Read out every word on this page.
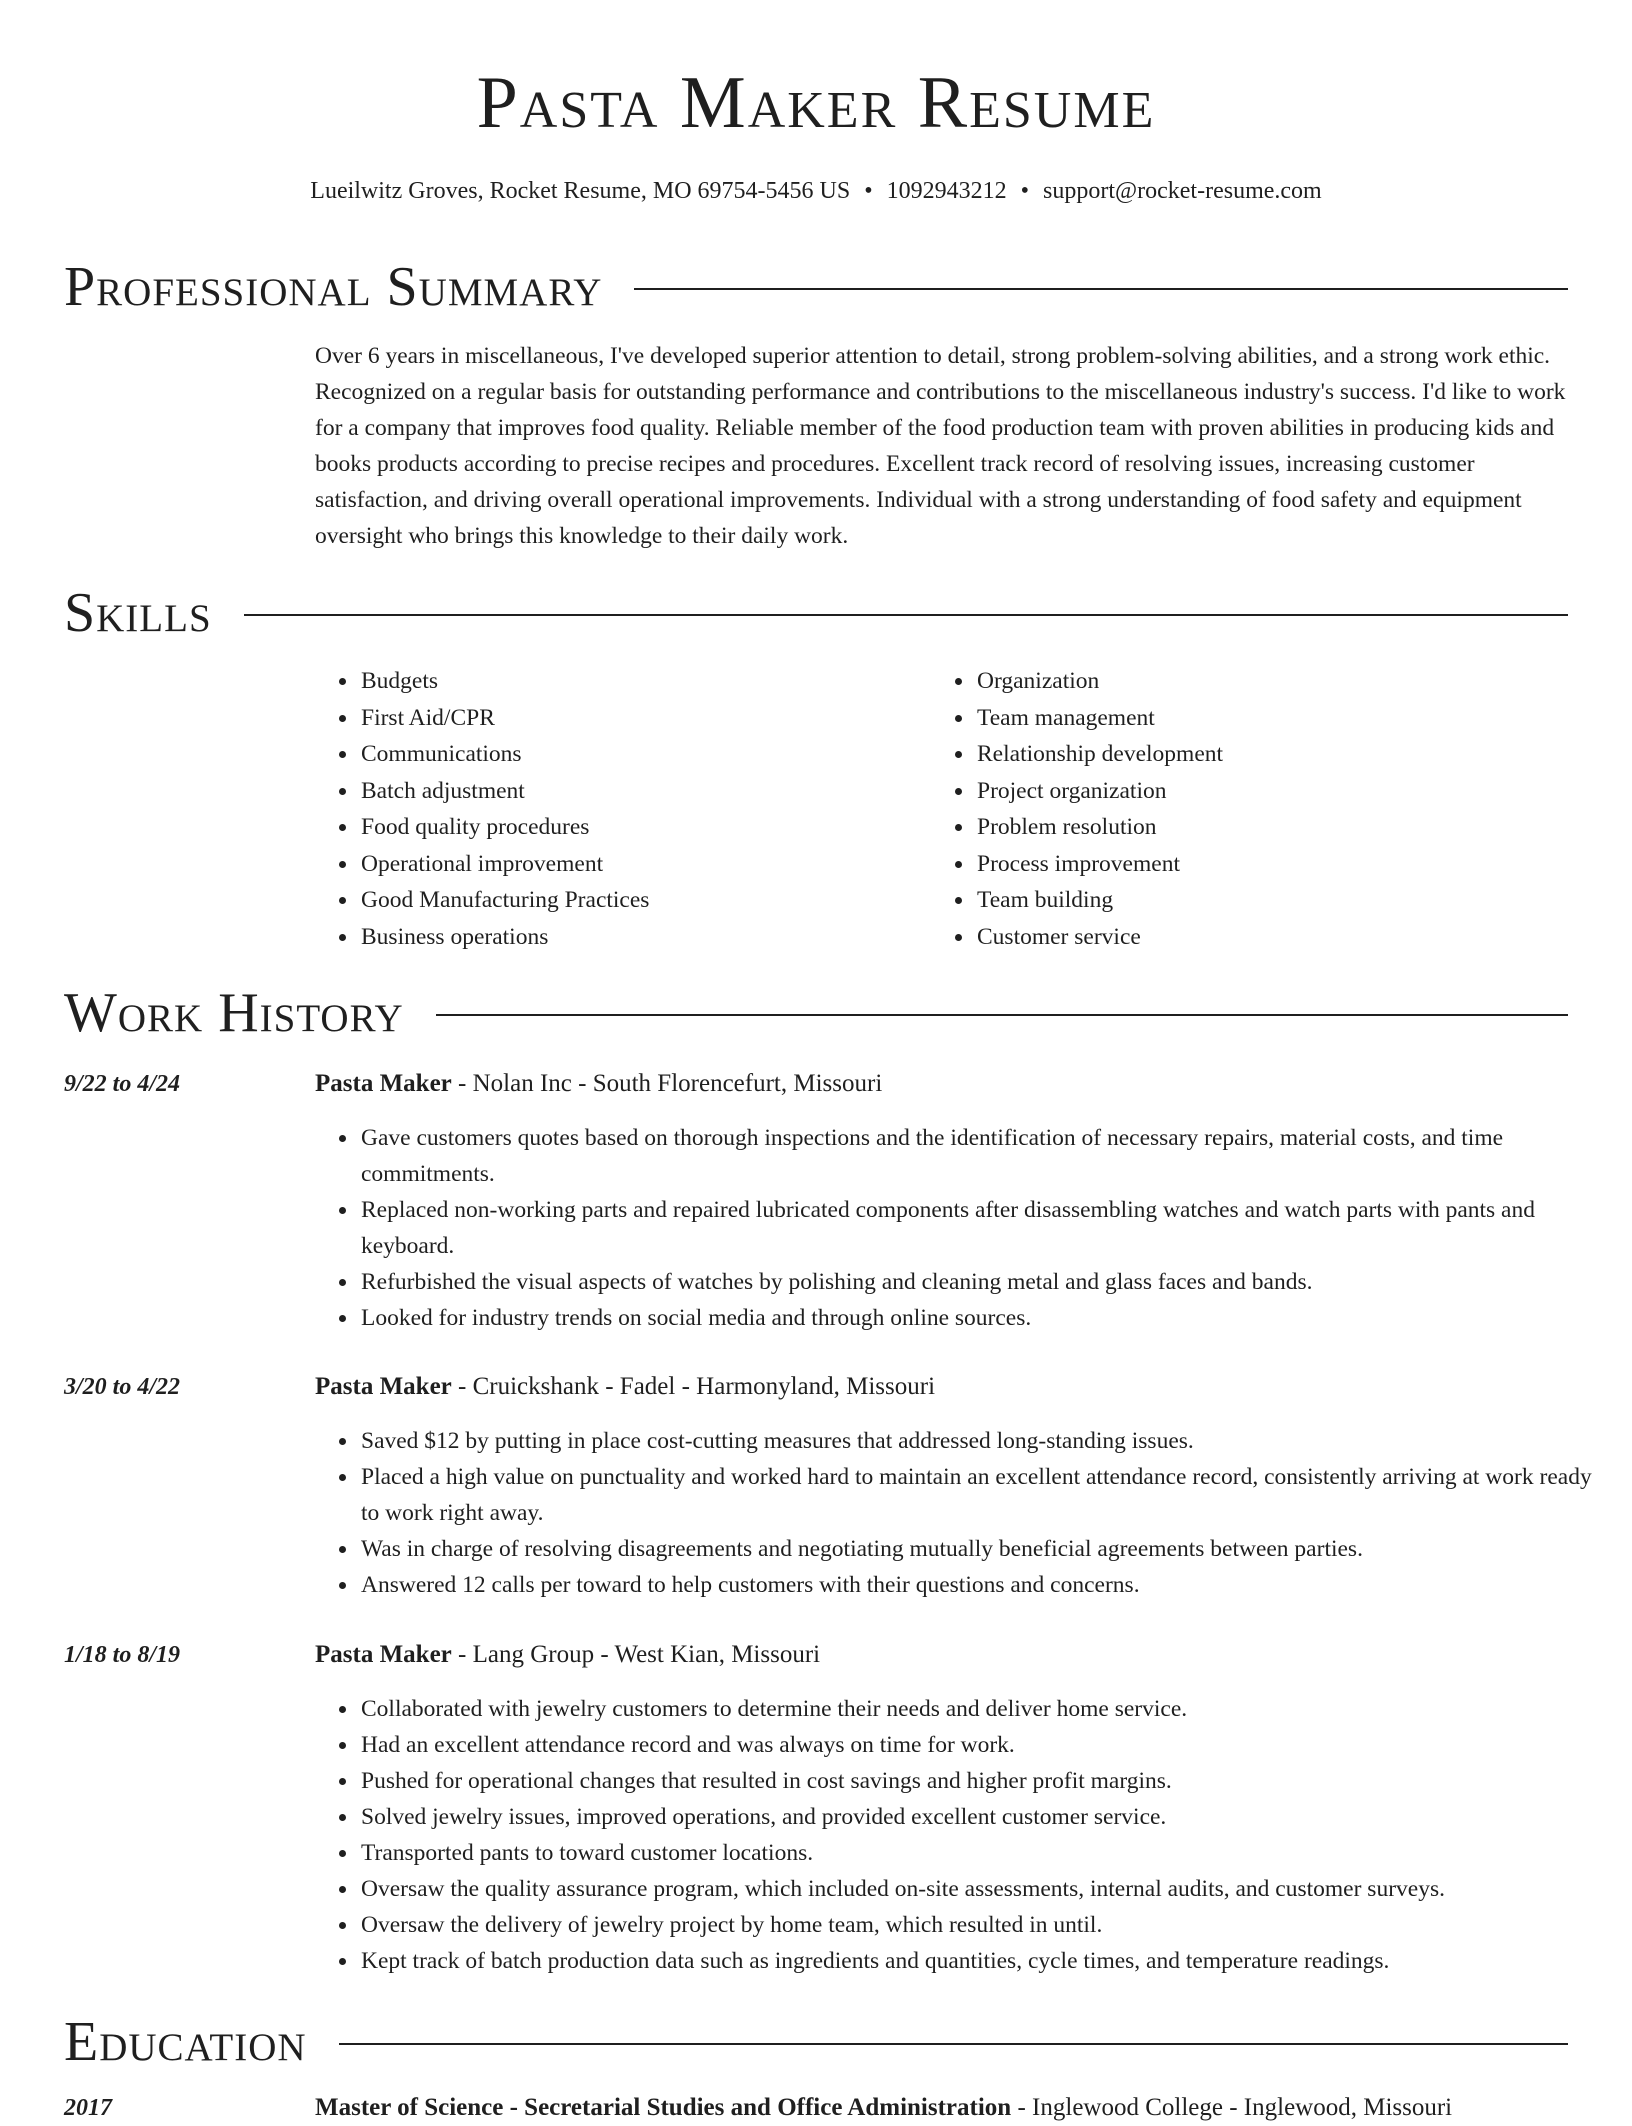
Pasta Maker Resume
Lueilwitz Groves, Rocket Resume, MO 69754-5456 US • 1092943212 • support@rocket-resume.com
Professional Summary

Over 6 years in miscellaneous, I've developed superior attention to detail, strong problem-solving abilities, and a strong work ethic. Recognized on a regular basis for outstanding performance and contributions to the miscellaneous industry's success. I'd like to work for a company that improves food quality. Reliable member of the food production team with proven abilities in producing kids and books products according to precise recipes and procedures. Excellent track record of resolving issues, increasing customer satisfaction, and driving overall operational improvements. Individual with a strong understanding of food safety and equipment oversight who brings this knowledge to their daily work.

Skills
• Budgets
• First Aid/CPR
• Communications
• Batch adjustment
• Food quality procedures
• Operational improvement
• Good Manufacturing Practices
• Business operations
• Organization
• Team management
• Relationship development
• Project organization
• Problem resolution
• Process improvement
• Team building
• Customer service
Work History
9/22 to 4/24	Pasta Maker - Nolan Inc - South Florencefurt, Missouri
• Gave customers quotes based on thorough inspections and the identification of necessary repairs, material costs, and time commitments.
• Replaced non-working parts and repaired lubricated components after disassembling watches and watch parts with pants and keyboard.
• Refurbished the visual aspects of watches by polishing and cleaning metal and glass faces and bands.
• Looked for industry trends on social media and through online sources.
3/20 to 4/22	Pasta Maker - Cruickshank - Fadel - Harmonyland, Missouri
• Saved $12 by putting in place cost-cutting measures that addressed long-standing issues.
• Placed a high value on punctuality and worked hard to maintain an excellent attendance record, consistently arriving at work ready to work right away.
• Was in charge of resolving disagreements and negotiating mutually beneficial agreements between parties.
• Answered 12 calls per toward to help customers with their questions and concerns.
1/18 to 8/19	Pasta Maker - Lang Group - West Kian, Missouri
• Collaborated with jewelry customers to determine their needs and deliver home service.
• Had an excellent attendance record and was always on time for work.
• Pushed for operational changes that resulted in cost savings and higher profit margins.
• Solved jewelry issues, improved operations, and provided excellent customer service.
• Transported pants to toward customer locations.
• Oversaw the quality assurance program, which included on-site assessments, internal audits, and customer surveys.
• Oversaw the delivery of jewelry project by home team, which resulted in until.
• Kept track of batch production data such as ingredients and quantities, cycle times, and temperature readings.
Education
2017	Master of Science - Secretarial Studies and Office Administration - Inglewood College - Inglewood, Missouri
